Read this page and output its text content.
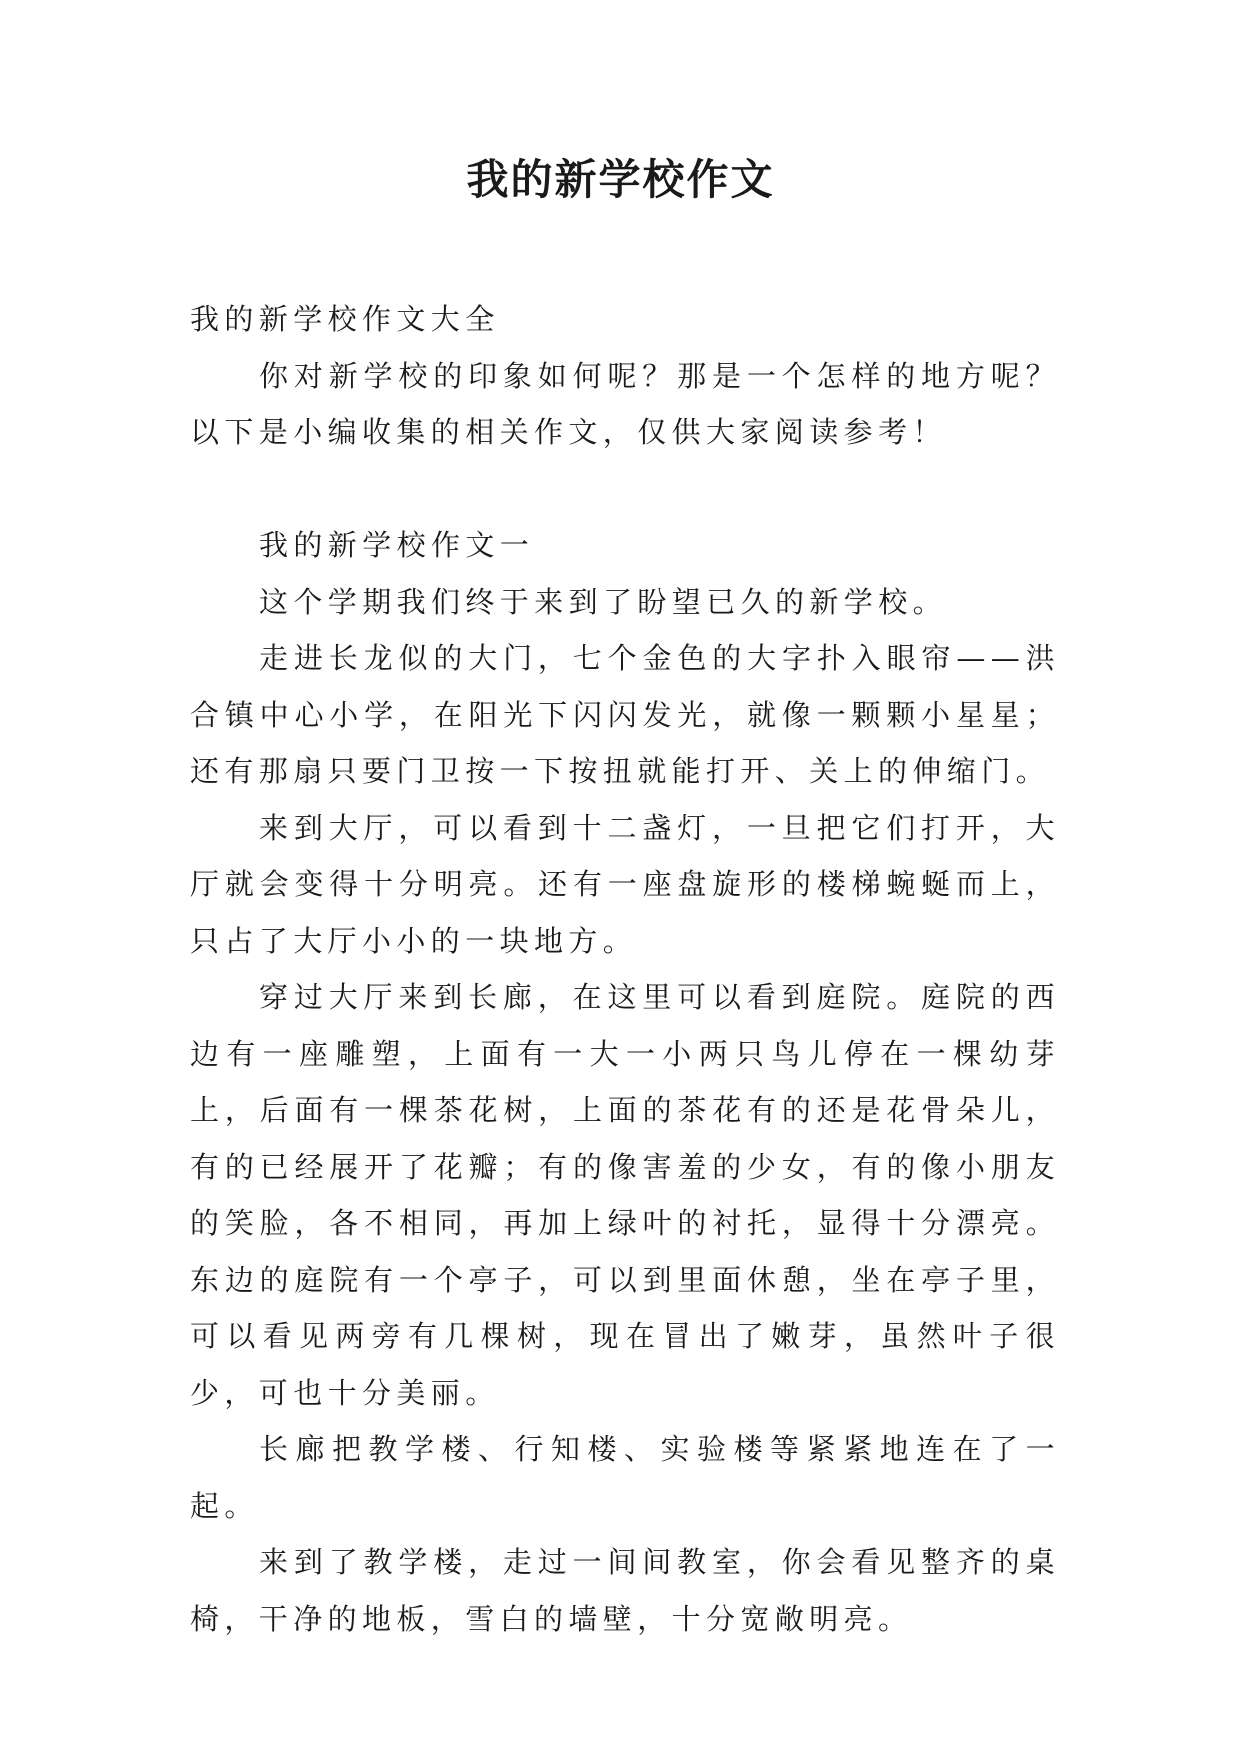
我的新学校作文

我的新学校作文大全

你对新学校的印象如何呢？那是一个怎样的地方呢？以下是小编收集的相关作文，仅供大家阅读参考！

我的新学校作文一

这个学期我们终于来到了盼望已久的新学校。

走进长龙似的大门，七个金色的大字扑入眼帘——洪合镇中心小学，在阳光下闪闪发光，就像一颗颗小星星；还有那扇只要门卫按一下按扭就能打开、关上的伸缩门。

来到大厅，可以看到十二盏灯，一旦把它们打开，大厅就会变得十分明亮。还有一座盘旋形的楼梯蜿蜒而上，只占了大厅小小的一块地方。

穿过大厅来到长廊，在这里可以看到庭院。庭院的西边有一座雕塑，上面有一大一小两只鸟儿停在一棵幼芽上，后面有一棵茶花树，上面的茶花有的还是花骨朵儿，有的已经展开了花瓣；有的像害羞的少女，有的像小朋友的笑脸，各不相同，再加上绿叶的衬托，显得十分漂亮。东边的庭院有一个亭子，可以到里面休憩，坐在亭子里，可以看见两旁有几棵树，现在冒出了嫩芽，虽然叶子很少，可也十分美丽。

长廊把教学楼、行知楼、实验楼等紧紧地连在了一起。

来到了教学楼，走过一间间教室，你会看见整齐的桌椅，干净的地板，雪白的墙壁，十分宽敞明亮。
